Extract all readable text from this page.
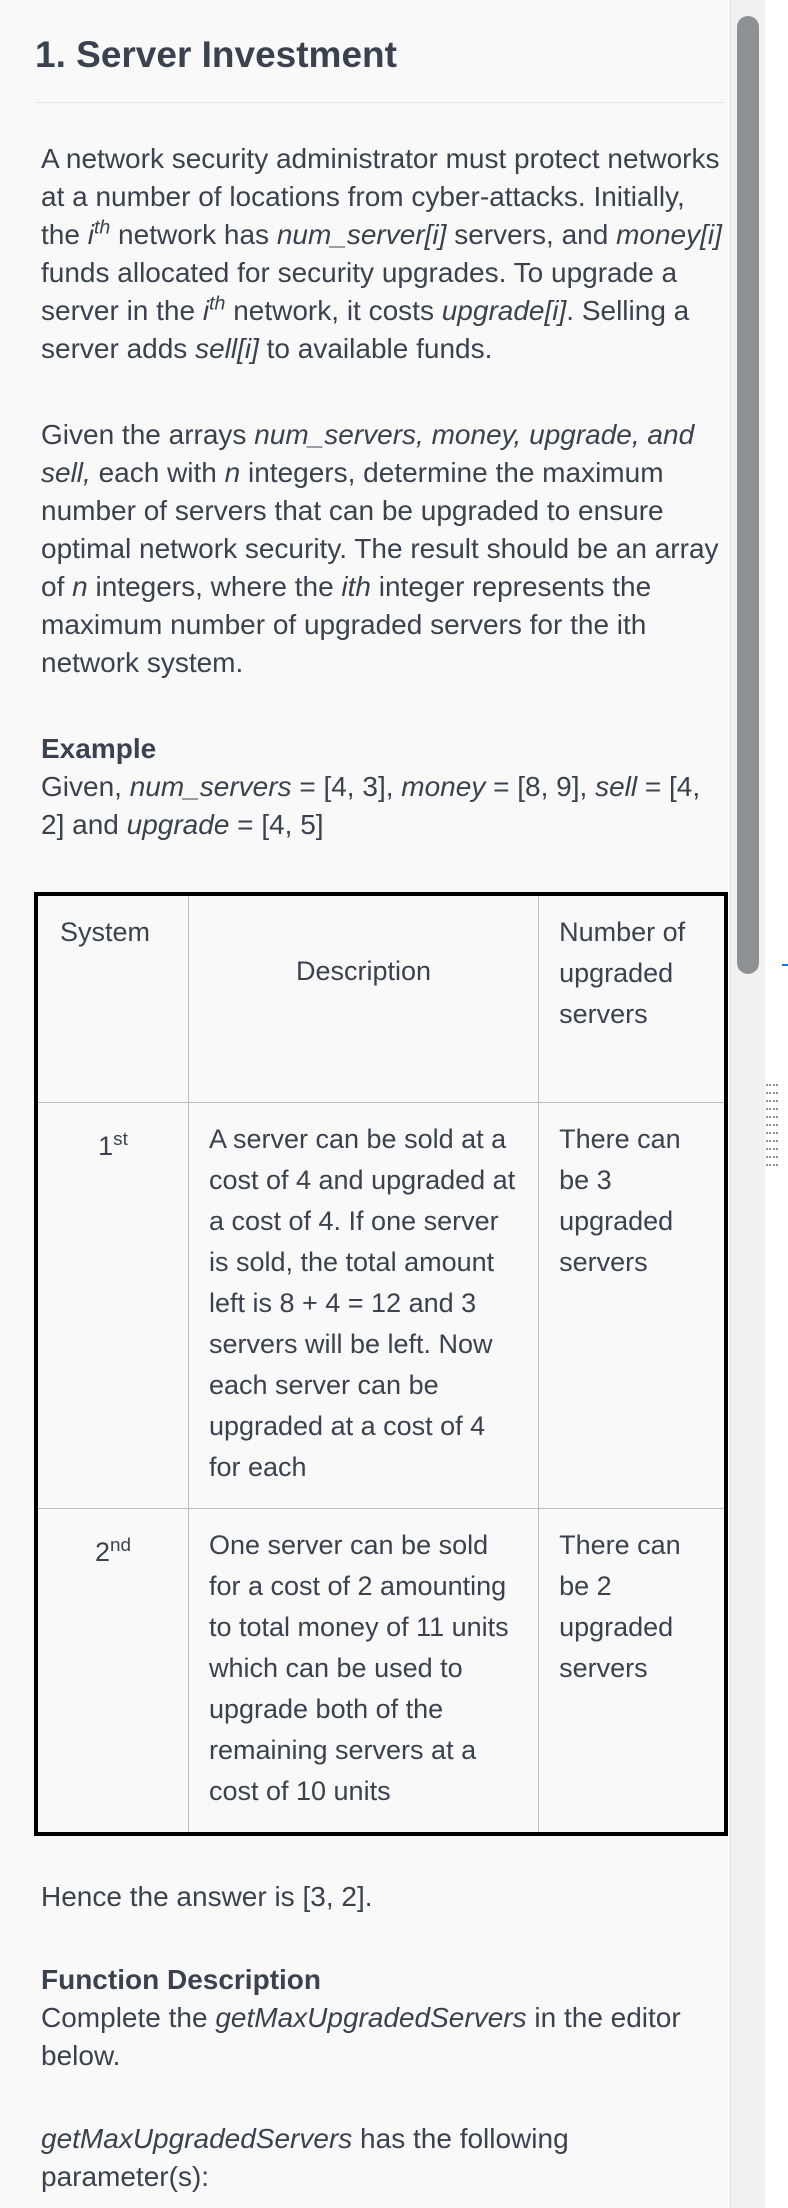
1. Server Investment

A network security administrator must protect networks at a number of locations from cyber-attacks. Initially, the $i^{th}$ network has num_server[i] servers, and money[i] funds allocated for security upgrades. To upgrade a server in the $i^{th}$ network, it costs upgrade[i]. Selling a server adds sell[i] to available funds.

Given the arrays num_servers, money, upgrade, and sell, each with n integers, determine the maximum number of servers that can be upgraded to ensure optimal network security. The result should be an array of n integers, where the ith integer represents the maximum number of upgraded servers for the ith network system.

Example

Given, num_servers = [4, 3], money = [8, 9], sell = [4, 2] and upgrade = [4, 5]

System	Description	Number of upgraded servers
1st	A server can be sold at a cost of 4 and upgraded at a cost of 4. If one server is sold, the total amount left is 8 + 4 = 12 and 3 servers will be left. Now each server can be upgraded at a cost of 4 for each	There can be 3 upgraded servers
2nd	One server can be sold for a cost of 2 amounting to total money of 11 units which can be used to upgrade both of the remaining servers at a cost of 10 units	There can be 2 upgraded servers

Hence the answer is [3, 2].

Function Description

Complete the getMaxUpgradedServers in the editor below.

getMaxUpgradedServers has the following parameter(s):
